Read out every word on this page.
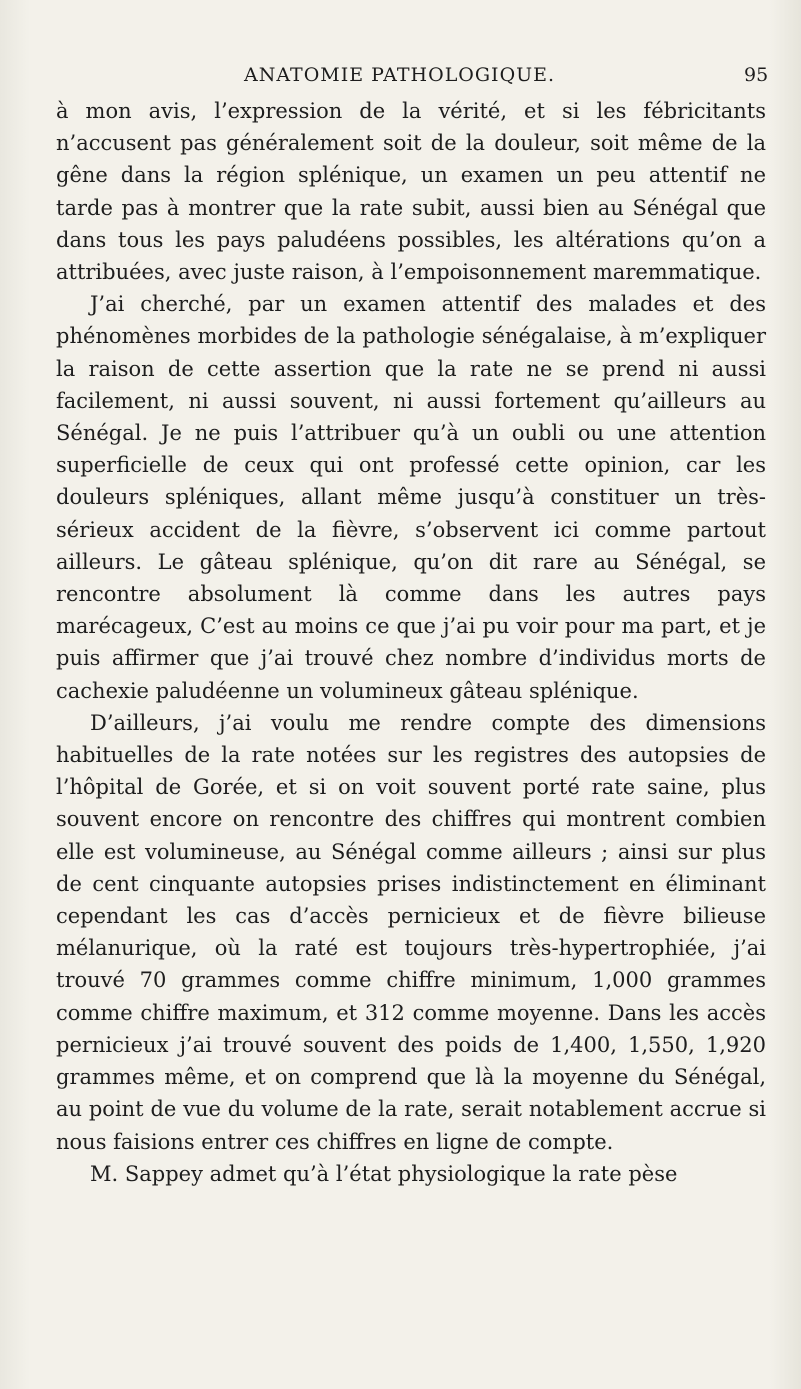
ANATOMIE PATHOLOGIQUE.	95

à mon avis, l’expression de la vérité, et si les fébricitants n’accusent pas généralement soit de la douleur, soit même de la gêne dans la région splénique, un examen un peu attentif ne tarde pas à montrer que la rate subit, aussi bien au Sénégal que dans tous les pays paludéens possibles, les altérations qu’on a attribuées, avec juste raison, à l’empoisonnement maremmatique.

J’ai cherché, par un examen attentif des malades et des phénomènes morbides de la pathologie sénégalaise, à m’expliquer la raison de cette assertion que la rate ne se prend ni aussi facilement, ni aussi souvent, ni aussi fortement qu’ailleurs au Sénégal. Je ne puis l’attribuer qu’à un oubli ou une attention superficielle de ceux qui ont professé cette opinion, car les douleurs spléniques, allant même jusqu’à constituer un très-sérieux accident de la fièvre, s’observent ici comme partout ailleurs. Le gâteau splénique, qu’on dit rare au Sénégal, se rencontre absolument là comme dans les autres pays marécageux, C’est au moins ce que j’ai pu voir pour ma part, et je puis affirmer que j’ai trouvé chez nombre d’individus morts de cachexie paludéenne un volumineux gâteau splénique.

D’ailleurs, j’ai voulu me rendre compte des dimensions habituelles de la rate notées sur les registres des autopsies de l’hôpital de Gorée, et si on voit souvent porté rate saine, plus souvent encore on rencontre des chiffres qui montrent combien elle est volumineuse, au Sénégal comme ailleurs ; ainsi sur plus de cent cinquante autopsies prises indistinctement en éliminant cependant les cas d’accès pernicieux et de fièvre bilieuse mélanurique, où la raté est toujours très-hypertrophiée, j’ai trouvé 70 grammes comme chiffre minimum, 1,000 grammes comme chiffre maximum, et 312 comme moyenne. Dans les accès pernicieux j’ai trouvé souvent des poids de 1,400, 1,550, 1,920 grammes même, et on comprend que là la moyenne du Sénégal, au point de vue du volume de la rate, serait notablement accrue si nous faisions entrer ces chiffres en ligne de compte.

M. Sappey admet qu’à l’état physiologique la rate pèse
